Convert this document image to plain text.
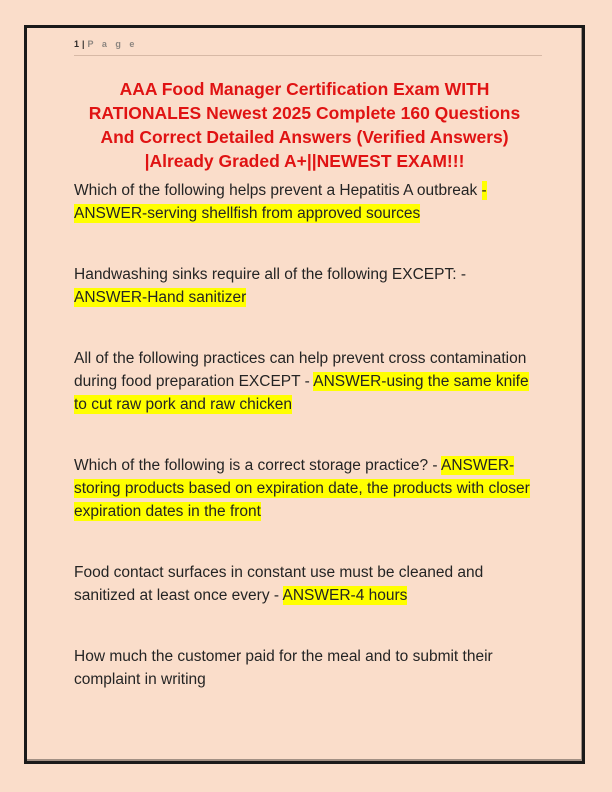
1 | P a g e
AAA Food Manager Certification Exam WITH
RATIONALES Newest 2025 Complete 160 Questions
And Correct Detailed Answers (Verified Answers)
|Already Graded A+||NEWEST EXAM!!!

Which of the following helps prevent a Hepatitis A outbreak - ANSWER-serving shellfish from approved sources

Handwashing sinks require all of the following EXCEPT: - ANSWER-Hand sanitizer

All of the following practices can help prevent cross contamination during food preparation EXCEPT - ANSWER-using the same knife to cut raw pork and raw chicken

Which of the following is a correct storage practice? - ANSWER-storing products based on expiration date, the products with closer expiration dates in the front

Food contact surfaces in constant use must be cleaned and sanitized at least once every - ANSWER-4 hours

How much the customer paid for the meal and to submit their complaint in writing
